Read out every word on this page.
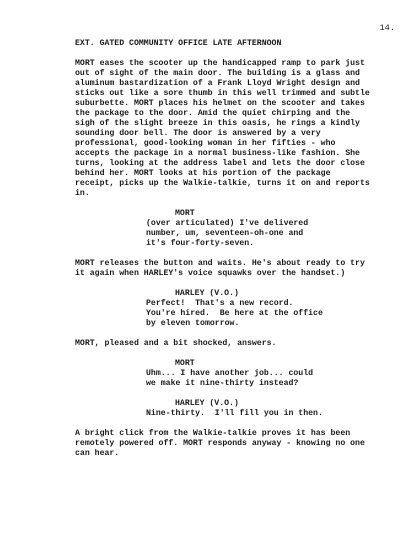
14.
EXT. GATED COMMUNITY OFFICE LATE AFTERNOON
MORT eases the scooter up the handicapped ramp to park just
out of sight of the main door. The building is a glass and
aluminum bastardization of a Frank Lloyd Wright design and
sticks out like a sore thumb in this well trimmed and subtle
suburbette. MORT places his helmet on the scooter and takes
the package to the door. Amid the quiet chirping and the
sigh of the slight breeze in this oasis, he rings a kindly
sounding door bell. The door is answered by a very
professional, good-looking woman in her fifties - who
accepts the package in a normal business-like fashion. She
turns, looking at the address label and lets the door close
behind her. MORT looks at his portion of the package
receipt, picks up the Walkie-talkie, turns it on and reports
in.
MORT
(over articulated) I've delivered
number, um, seventeen-oh-one and
it's four-forty-seven.
MORT releases the button and waits. He's about ready to try
it again when HARLEY's voice squawks over the handset.)
HARLEY (V.O.)
Perfect!  That's a new record.
You're hired.  Be here at the office
by eleven tomorrow.
MORT, pleased and a bit shocked, answers.
MORT
Uhm... I have another job... could
we make it nine-thirty instead?
HARLEY (V.O.)
Nine-thirty.  I'll fill you in then.
A bright click from the Walkie-talkie proves it has been
remotely powered off. MORT responds anyway - knowing no one
can hear.
